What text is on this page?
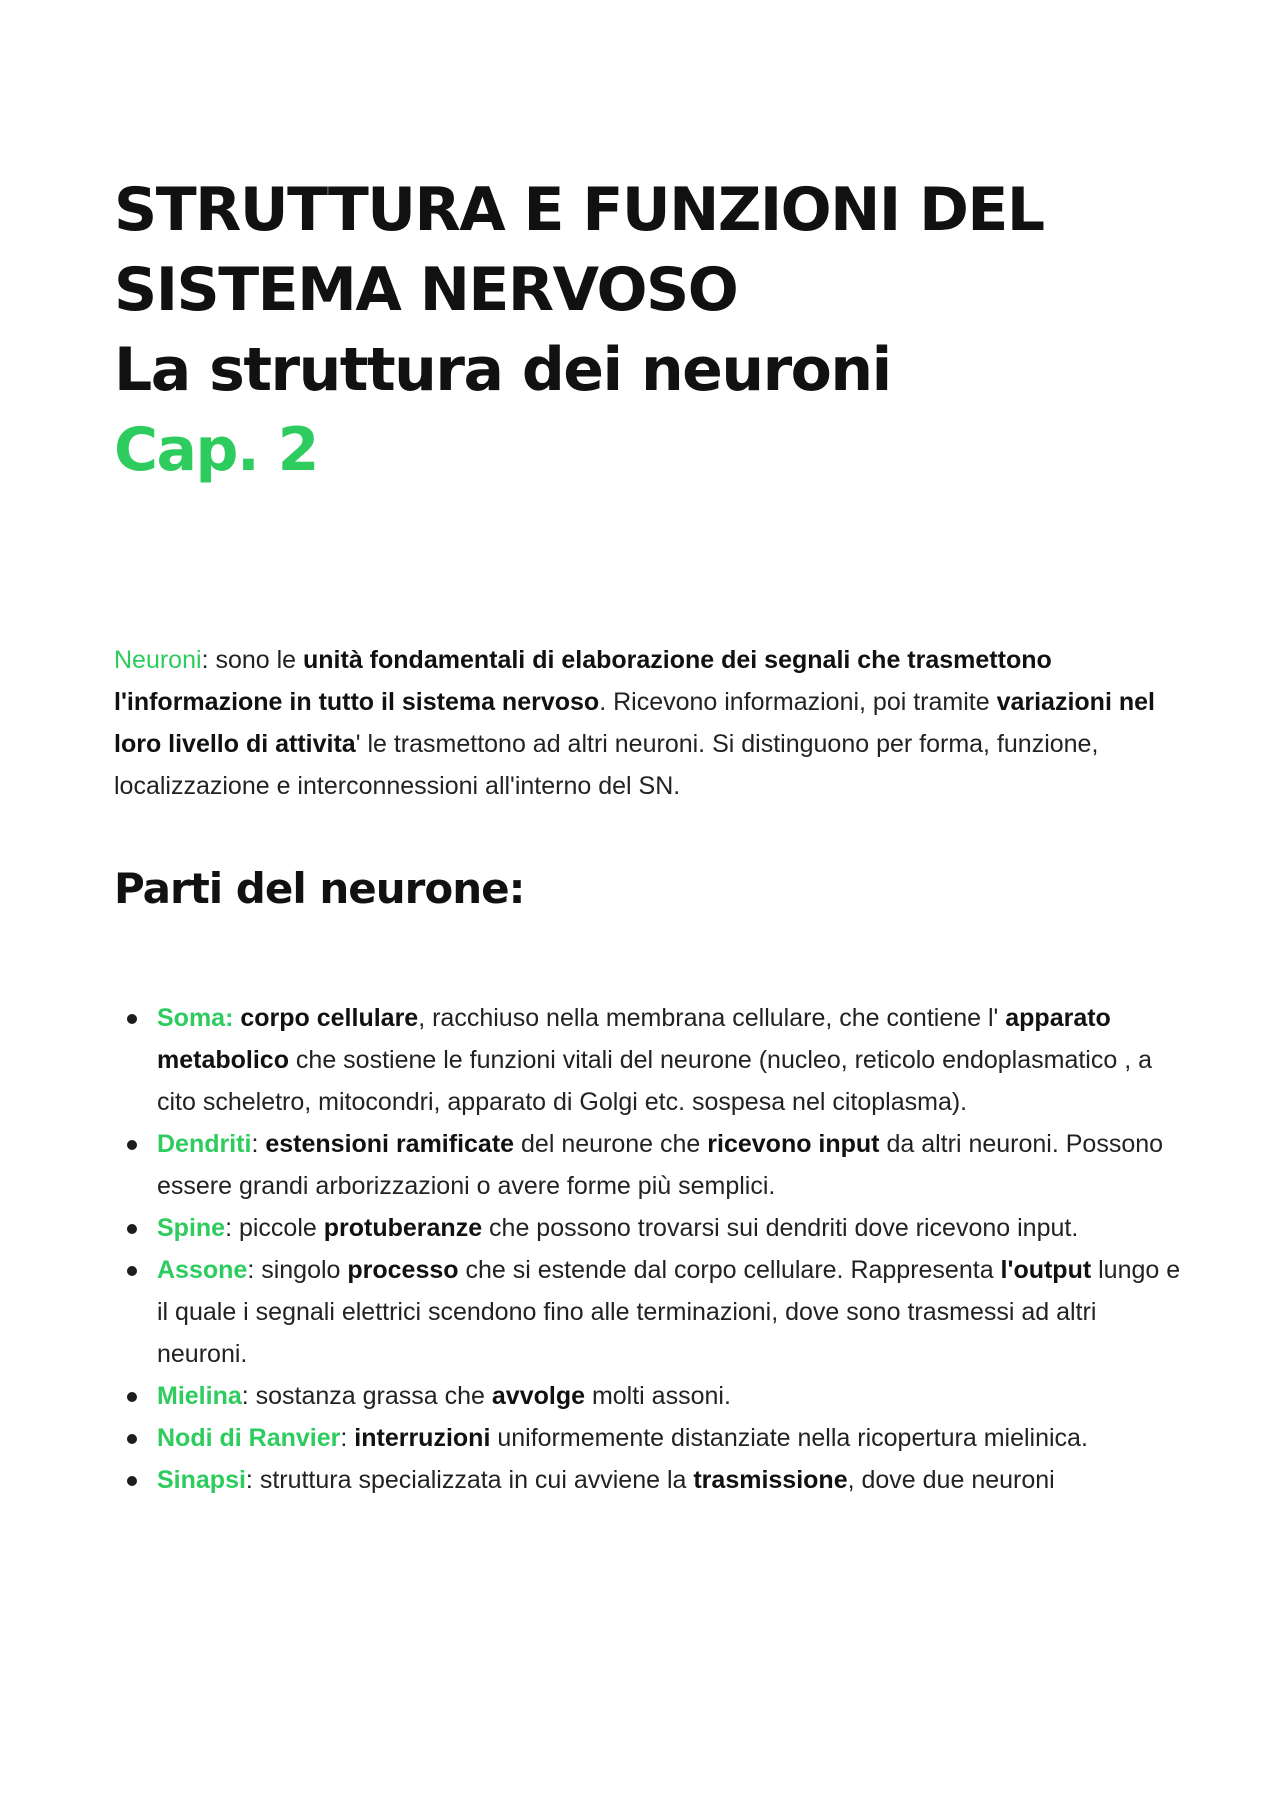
STRUTTURA E FUNZIONI DEL
SISTEMA NERVOSO
La struttura dei neuroni
Cap. 2

Neuroni: sono le unità fondamentali di elaborazione dei segnali che trasmettono l'informazione in tutto il sistema nervoso. Ricevono informazioni, poi tramite variazioni nel loro livello di attivita' le trasmettono ad altri neuroni. Si distinguono per forma, funzione, localizzazione e interconnessioni all'interno del SN.

Parti del neurone:
Soma: corpo cellulare, racchiuso nella membrana cellulare, che contiene l' apparato metabolico che sostiene le funzioni vitali del neurone (nucleo, reticolo endoplasmatico , a cito scheletro, mitocondri, apparato di Golgi etc. sospesa nel citoplasma).
Dendriti: estensioni ramificate del neurone che ricevono input da altri neuroni. Possono essere grandi arborizzazioni o avere forme più semplici.
Spine: piccole protuberanze che possono trovarsi sui dendriti dove ricevono input.
Assone: singolo processo che si estende dal corpo cellulare. Rappresenta l'output lungo e il quale i segnali elettrici scendono fino alle terminazioni, dove sono trasmessi ad altri neuroni.
Mielina: sostanza grassa che avvolge molti assoni.
Nodi di Ranvier: interruzioni uniformemente distanziate nella ricopertura mielinica.
Sinapsi: struttura specializzata in cui avviene la trasmissione, dove due neuroni
